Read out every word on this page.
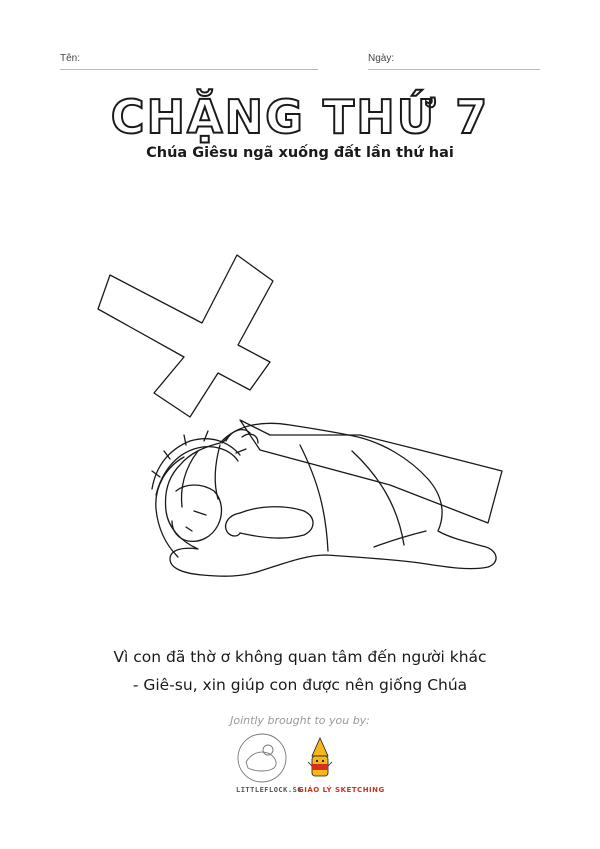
Tên:	Ngày:
CHẶNG THỨ 7
Chúa Giêsu ngã xuống đất lần thứ hai
Vì con đã thờ ơ không quan tâm đến người khác
- Giê-su, xin giúp con được nên giống Chúa
Jointly brought to you by:
LITTLEFLOCK.SG
GIÁO LÝ SKETCHING
